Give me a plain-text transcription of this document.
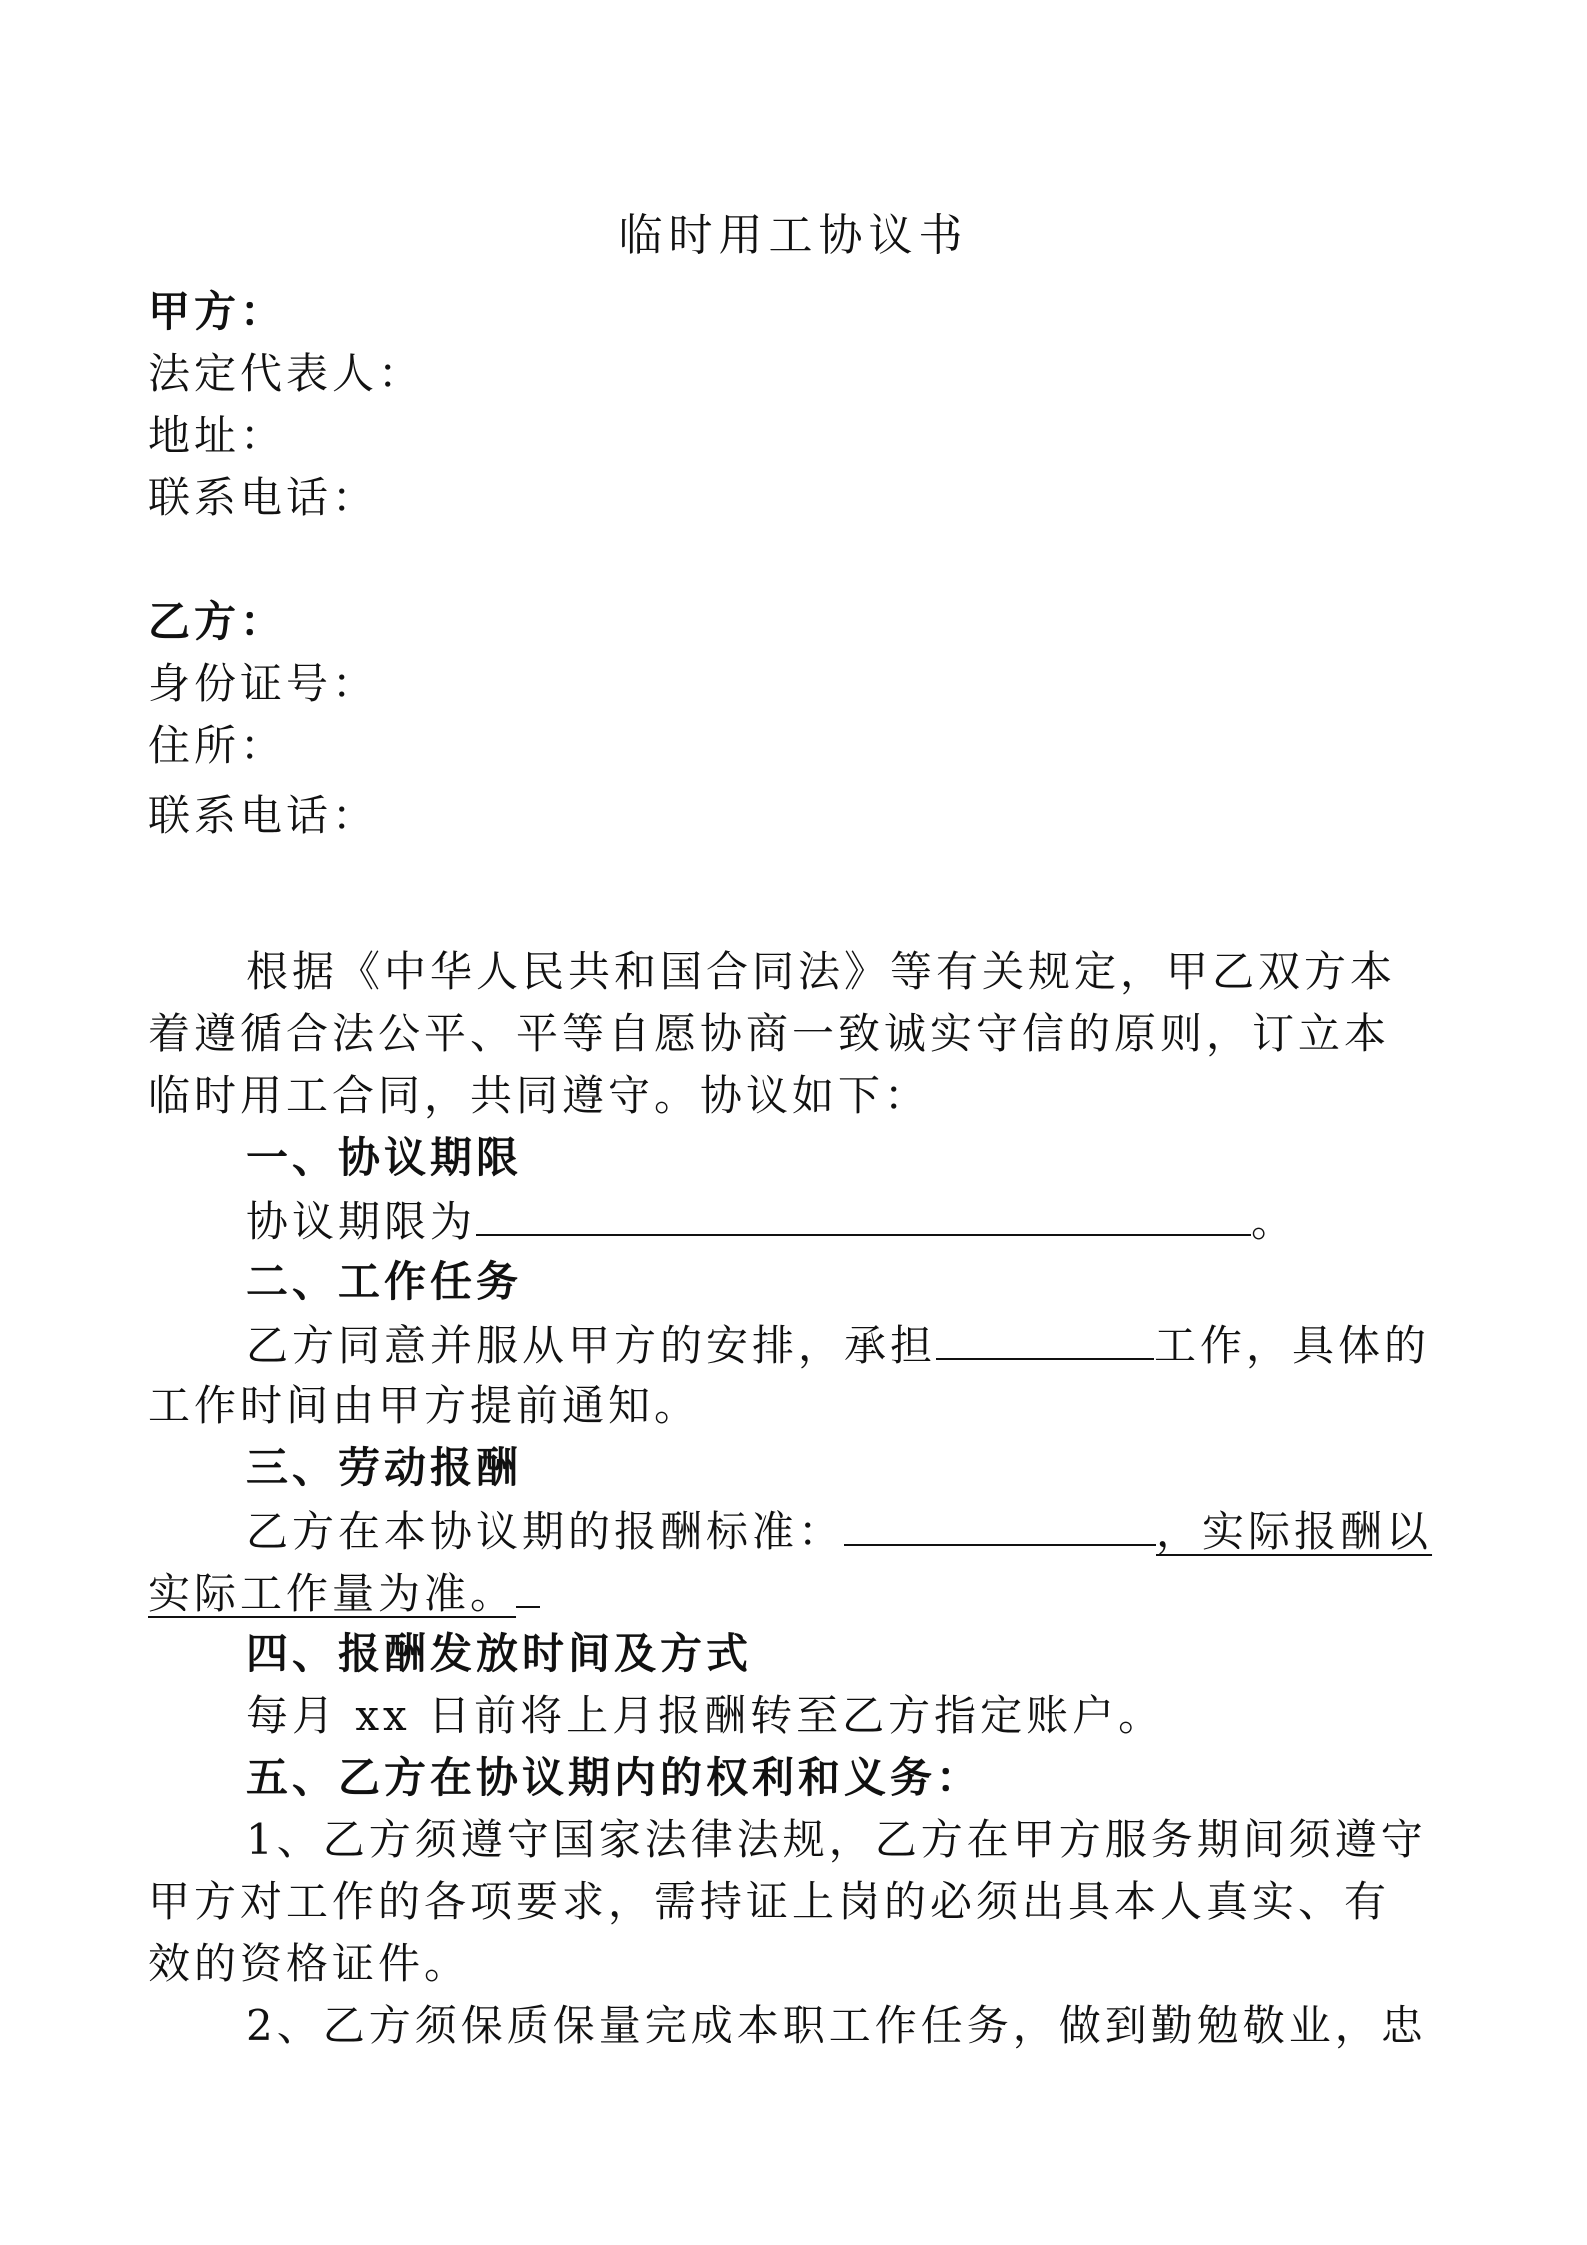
临时用工协议书
甲方：
法定代表人：
地址：
联系电话：
乙方：
身份证号：
住所：
联系电话：
根据《中华人民共和国合同法》等有关规定，甲乙双方本
着遵循合法公平、平等自愿协商一致诚实守信的原则，订立本
临时用工合同，共同遵守。协议如下：
一、协议期限
协议期限为	。
二、工作任务
乙方同意并服从甲方的安排，承担	工作，具体的
工作时间由甲方提前通知。
三、劳动报酬
乙方在本协议期的报酬标准：	，实际报酬以
实际工作量为准。
四、报酬发放时间及方式
每月 xx 日前将上月报酬转至乙方指定账户。
五、乙方在协议期内的权利和义务：
1、乙方须遵守国家法律法规，乙方在甲方服务期间须遵守
甲方对工作的各项要求，需持证上岗的必须出具本人真实、有
效的资格证件。
2、乙方须保质保量完成本职工作任务，做到勤勉敬业，忠
